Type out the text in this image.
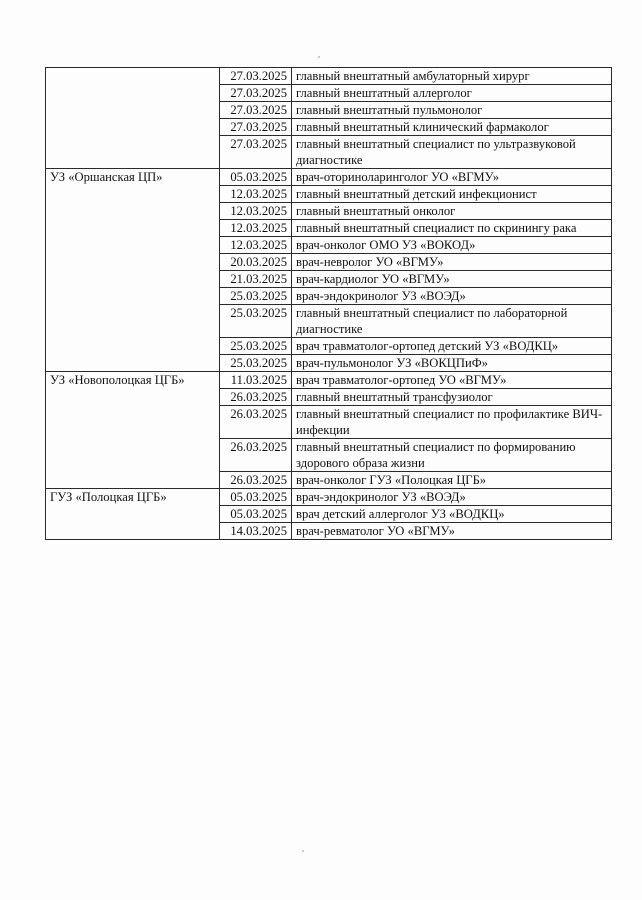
	27.03.2025	главный внештатный амбулаторный хирург
	27.03.2025	главный внештатный аллерголог
	27.03.2025	главный внештатный пульмонолог
	27.03.2025	главный внештатный клинический фармаколог
	27.03.2025	главный внештатный специалист по ультразвуковой диагностике
УЗ «Оршанская ЦП»	05.03.2025	врач-оториноларинголог УО «ВГМУ»
	12.03.2025	главный внештатный детский инфекционист
	12.03.2025	главный внештатный онколог
	12.03.2025	главный внештатный специалист по скринингу рака
	12.03.2025	врач-онколог ОМО УЗ «ВОКОД»
	20.03.2025	врач-невролог УО «ВГМУ»
	21.03.2025	врач-кардиолог УО «ВГМУ»
	25.03.2025	врач-эндокринолог УЗ «ВОЭД»
	25.03.2025	главный внештатный специалист по лабораторной диагностике
	25.03.2025	врач травматолог-ортопед детский УЗ «ВОДКЦ»
	25.03.2025	врач-пульмонолог УЗ «ВОКЦПиФ»
УЗ «Новополоцкая ЦГБ»	11.03.2025	врач травматолог-ортопед УО «ВГМУ»
	26.03.2025	главный внештатный трансфузиолог
	26.03.2025	главный внештатный специалист по профилактике ВИЧ-инфекции
	26.03.2025	главный внештатный специалист по формированию здорового образа жизни
	26.03.2025	врач-онколог ГУЗ «Полоцкая ЦГБ»
ГУЗ «Полоцкая ЦГБ»	05.03.2025	врач-эндокринолог УЗ «ВОЭД»
	05.03.2025	врач детский аллерголог УЗ «ВОДКЦ»
	14.03.2025	врач-ревматолог УО «ВГМУ»
